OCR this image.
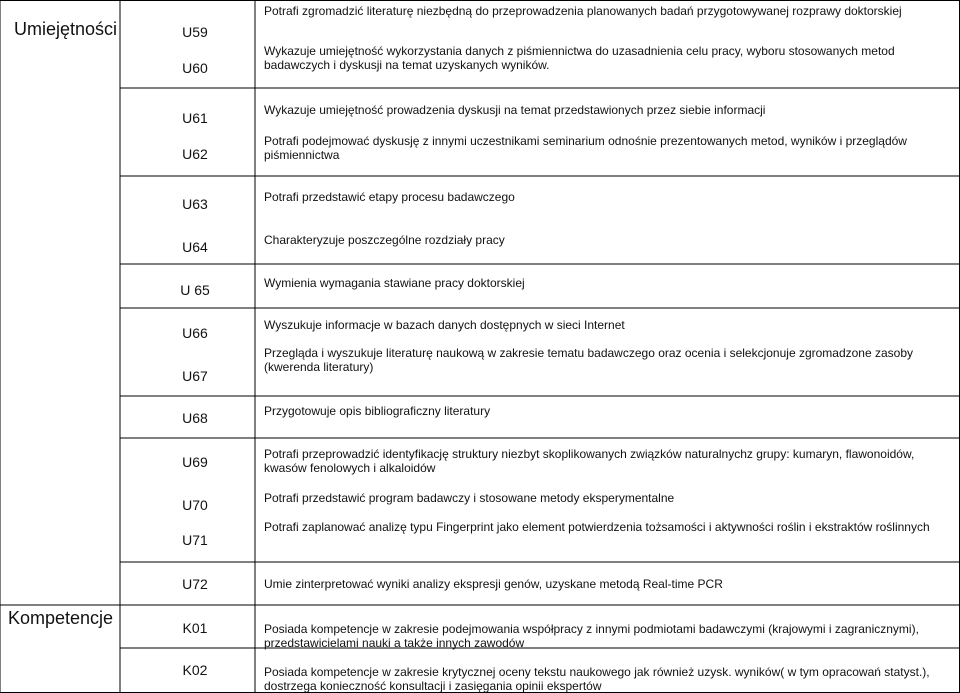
Umiejętności
Kompetencje
U59
U60
U61
U62
U63
U64
U 65
U66
U67
U68
U69
U70
U71
U72
K01
K02
Potrafi zgromadzić literaturę niezbędną do przeprowadzenia planowanych badań przygotowywanej rozprawy doktorskiej
Wykazuje umiejętność wykorzystania danych z piśmiennictwa do uzasadnienia celu pracy, wyboru stosowanych metod badawczych i dyskusji na temat uzyskanych wyników.
Wykazuje umiejętność prowadzenia dyskusji na temat przedstawionych przez siebie informacji
Potrafi podejmować dyskusję z innymi uczestnikami seminarium odnośnie prezentowanych metod, wyników i przeglądów piśmiennictwa
Potrafi przedstawić etapy procesu badawczego
Charakteryzuje poszczególne rozdziały pracy
Wymienia wymagania stawiane pracy doktorskiej
Wyszukuje informacje w bazach danych dostępnych w sieci Internet
Przegląda i wyszukuje literaturę naukową w zakresie tematu badawczego oraz ocenia i selekcjonuje zgromadzone zasoby (kwerenda literatury)
Przygotowuje opis bibliograficzny literatury
Potrafi przeprowadzić identyfikację struktury niezbyt skoplikowanych związków naturalnychz grupy: kumaryn, flawonoidów, kwasów fenolowych i alkaloidów
Potrafi przedstawić program badawczy i stosowane metody eksperymentalne
Potrafi zaplanować analizę typu Fingerprint jako element potwierdzenia tożsamości i aktywności roślin i ekstraktów roślinnych
Umie zinterpretować wyniki analizy ekspresji genów, uzyskane metodą Real-time PCR
Posiada kompetencje w zakresie podejmowania współpracy z innymi podmiotami badawczymi (krajowymi i zagranicznymi), przedstawicielami nauki a także innych zawodów
Posiada kompetencje w zakresie krytycznej oceny tekstu naukowego jak również uzysk. wyników( w tym opracowań statyst.), dostrzega konieczność konsultacji i zasięgania opinii ekspertów
